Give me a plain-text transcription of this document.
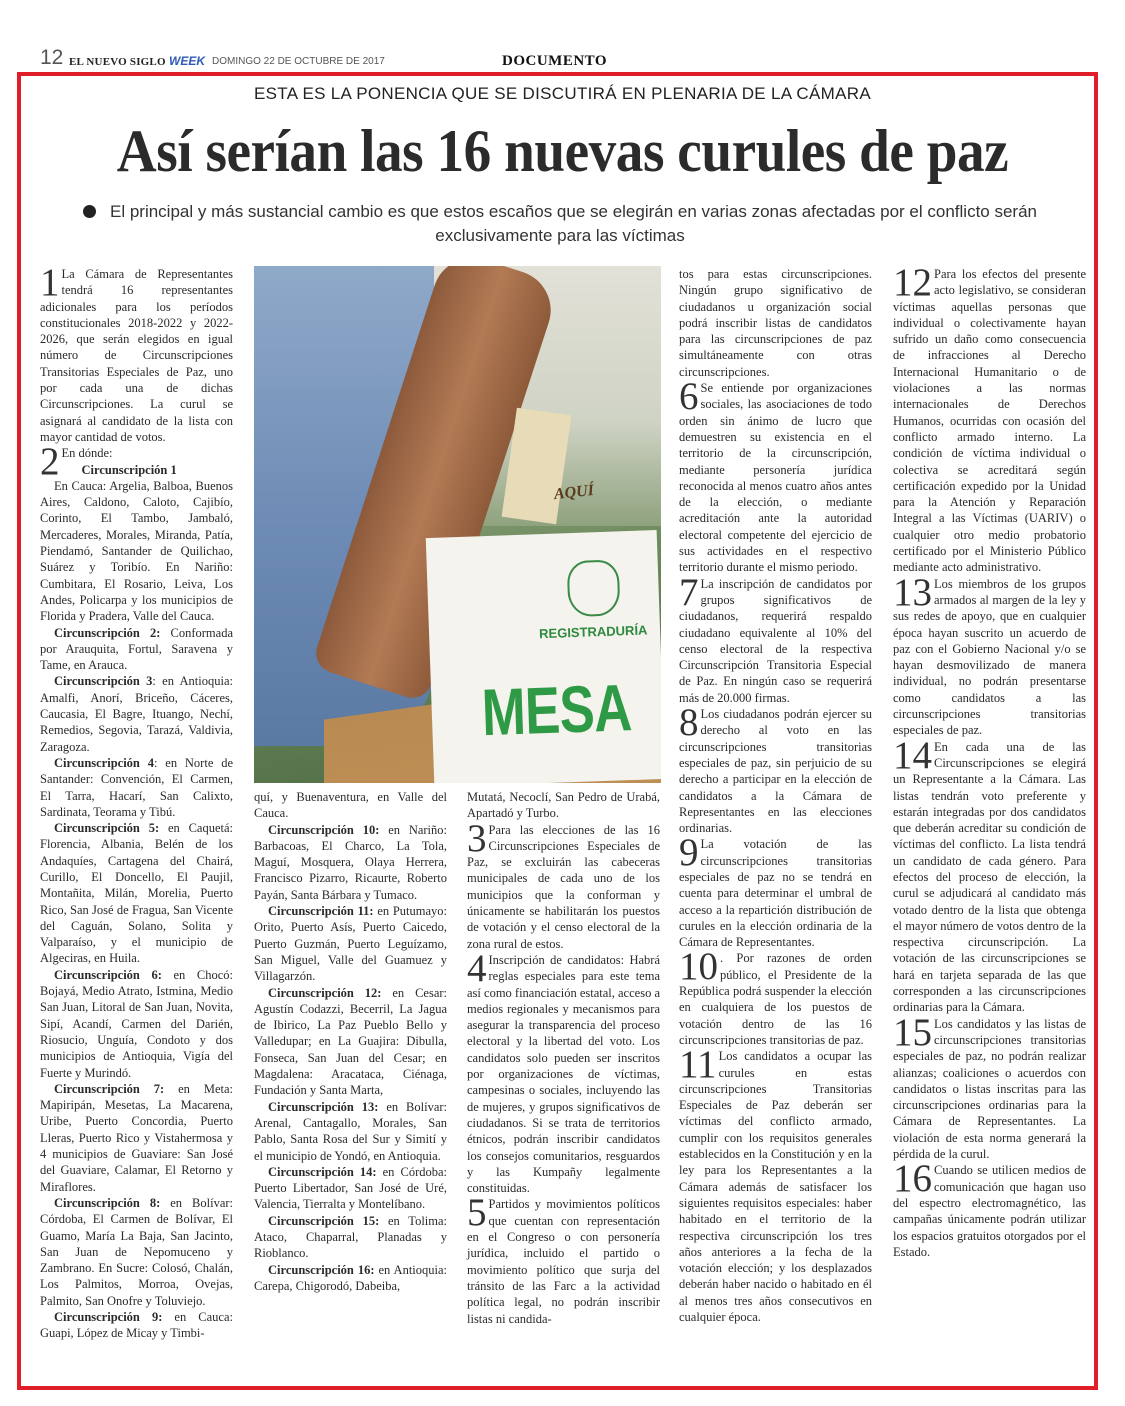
12 EL NUEVO SIGLO WEEK DOMINGO 22 DE OCTUBRE DE 2017	DOCUMENTO
ESTA ES LA PONENCIA QUE SE DISCUTIRÁ EN PLENARIA DE LA CÁMARA
Así serían las 16 nuevas curules de paz
El principal y más sustancial cambio es que estos escaños que se elegirán en varias zonas afectadas por el conflicto serán exclusivamente para las víctimas
AQUÍ
REGISTRADURÍA
MESA

1 La Cámara de Representantes tendrá 16 representantes adicionales para los períodos constitucionales 2018-2022 y 2022-2026, que serán elegidos en igual número de Circunscripciones Transitorias Especiales de Paz, uno por cada una de dichas Circunscripciones. La curul se asignará al candidato de la lista con mayor cantidad de votos.

2 En dónde:
Circunscripción 1

En Cauca: Argelia, Balboa, Buenos Aires, Caldono, Caloto, Cajibío, Corinto, El Tambo, Jambaló, Mercaderes, Morales, Miranda, Patía, Piendamó, Santander de Quilichao, Suárez y Toribío. En Nariño: Cumbitara, El Rosario, Leiva, Los Andes, Policarpa y los municipios de Florida y Pradera, Valle del Cauca.

Circunscripción 2: Conformada por Arauquita, Fortul, Saravena y Tame, en Arauca.

Circunscripción 3: en Antioquia: Amalfi, Anorí, Briceño, Cáceres, Caucasia, El Bagre, Ituango, Nechí, Remedios, Segovia, Tarazá, Valdivia, Zaragoza.

Circunscripción 4: en Norte de Santander: Convención, El Carmen, El Tarra, Hacarí, San Calixto, Sardinata, Teorama y Tibú.

Circunscripción 5: en Caquetá: Florencia, Albania, Belén de los Andaquíes, Cartagena del Chairá, Curillo, El Doncello, El Paujil, Montañita, Milán, Morelia, Puerto Rico, San José de Fragua, San Vicente del Caguán, Solano, Solita y Valparaíso, y el municipio de Algeciras, en Huila.

Circunscripción 6: en Chocó: Bojayá, Medio Atrato, Istmina, Medio San Juan, Litoral de San Juan, Novita, Sipí, Acandí, Carmen del Darién, Riosucio, Unguía, Condoto y dos municipios de Antioquia, Vigía del Fuerte y Murindó.

Circunscripción 7: en Meta: Mapiripán, Mesetas, La Macarena, Uribe, Puerto Concordia, Puerto Lleras, Puerto Rico y Vistahermosa y 4 municipios de Guaviare: San José del Guaviare, Calamar, El Retorno y Miraflores.

Circunscripción 8: en Bolívar: Córdoba, El Carmen de Bolívar, El Guamo, María La Baja, San Jacinto, San Juan de Nepomuceno y Zambrano. En Sucre: Colosó, Chalán, Los Palmitos, Morroa, Ovejas, Palmito, San Onofre y Toluviejo.

Circunscripción 9: en Cauca: Guapi, López de Micay y Timbi-

quí, y Buenaventura, en Valle del Cauca.

Circunscripción 10: en Nariño: Barbacoas, El Charco, La Tola, Maguí, Mosquera, Olaya Herrera, Francisco Pizarro, Ricaurte, Roberto Payán, Santa Bárbara y Tumaco.

Circunscripción 11: en Putumayo: Orito, Puerto Asís, Puerto Caicedo, Puerto Guzmán, Puerto Leguízamo, San Miguel, Valle del Guamuez y Villagarzón.

Circunscripción 12: en Cesar: Agustín Codazzi, Becerril, La Jagua de Ibirico, La Paz Pueblo Bello y Valledupar; en La Guajira: Dibulla, Fonseca, San Juan del Cesar; en Magdalena: Aracataca, Ciénaga, Fundación y Santa Marta,

Circunscripción 13: en Bolívar: Arenal, Cantagallo, Morales, San Pablo, Santa Rosa del Sur y Simití y el municipio de Yondó, en Antioquia.

Circunscripción 14: en Córdoba: Puerto Libertador, San José de Uré, Valencia, Tierralta y Montelíbano.

Circunscripción 15: en Tolima: Ataco, Chaparral, Planadas y Rioblanco.

Circunscripción 16: en Antioquia: Carepa, Chigorodó, Dabeiba,

Mutatá, Necoclí, San Pedro de Urabá, Apartadó y Turbo.

3 Para las elecciones de las 16 Circunscripciones Especiales de Paz, se excluirán las cabeceras municipales de cada uno de los municipios que la conforman y únicamente se habilitarán los puestos de votación y el censo electoral de la zona rural de estos.

4 Inscripción de candidatos: Habrá reglas especiales para este tema así como financiación estatal, acceso a medios regionales y mecanismos para asegurar la transparencia del proceso electoral y la libertad del voto. Los candidatos solo pueden ser inscritos por organizaciones de víctimas, campesinas o sociales, incluyendo las de mujeres, y grupos significativos de ciudadanos. Si se trata de territorios étnicos, podrán inscribir candidatos los consejos comunitarios, resguardos y las Kumpañy legalmente constituidas.

5 Partidos y movimientos políticos que cuentan con representación en el Congreso o con personería jurídica, incluido el partido o movimiento político que surja del tránsito de las Farc a la actividad política legal, no podrán inscribir listas ni candida-

tos para estas circunscripciones. Ningún grupo significativo de ciudadanos u organización social podrá inscribir listas de candidatos para las circunscripciones de paz simultáneamente con otras circunscripciones.

6 Se entiende por organizaciones sociales, las asociaciones de todo orden sin ánimo de lucro que demuestren su existencia en el territorio de la circunscripción, mediante personería jurídica reconocida al menos cuatro años antes de la elección, o mediante acreditación ante la autoridad electoral competente del ejercicio de sus actividades en el respectivo territorio durante el mismo periodo.

7 La inscripción de candidatos por grupos significativos de ciudadanos, requerirá respaldo ciudadano equivalente al 10% del censo electoral de la respectiva Circunscripción Transitoria Especial de Paz. En ningún caso se requerirá más de 20.000 firmas.

8 Los ciudadanos podrán ejercer su derecho al voto en las circunscripciones transitorias especiales de paz, sin perjuicio de su derecho a participar en la elección de candidatos a la Cámara de Representantes en las elecciones ordinarias.

9 La votación de las circunscripciones transitorias especiales de paz no se tendrá en cuenta para determinar el umbral de acceso a la repartición distribución de curules en la elección ordinaria de la Cámara de Representantes.

10 . Por razones de orden público, el Presidente de la República podrá suspender la elección en cualquiera de los puestos de votación dentro de las 16 circunscripciones transitorias de paz.

11 Los candidatos a ocupar las curules en estas circunscripciones Transitorias Especiales de Paz deberán ser víctimas del conflicto armado, cumplir con los requisitos generales establecidos en la Constitución y en la ley para los Representantes a la Cámara además de satisfacer los siguientes requisitos especiales: haber habitado en el territorio de la respectiva circunscripción los tres años anteriores a la fecha de la votación elección; y los desplazados deberán haber nacido o habitado en él al menos tres años consecutivos en cualquier época.

12 Para los efectos del presente acto legislativo, se consideran víctimas aquellas personas que individual o colectivamente hayan sufrido un daño como consecuencia de infracciones al Derecho Internacional Humanitario o de violaciones a las normas internacionales de Derechos Humanos, ocurridas con ocasión del conflicto armado interno. La condición de víctima individual o colectiva se acreditará según certificación expedido por la Unidad para la Atención y Reparación Integral a las Víctimas (UARIV) o cualquier otro medio probatorio certificado por el Ministerio Público mediante acto administrativo.

13 Los miembros de los grupos armados al margen de la ley y sus redes de apoyo, que en cualquier época hayan suscrito un acuerdo de paz con el Gobierno Nacional y/o se hayan desmovilizado de manera individual, no podrán presentarse como candidatos a las circunscripciones transitorias especiales de paz.

14 En cada una de las Circunscripciones se elegirá un Representante a la Cámara. Las listas tendrán voto preferente y estarán integradas por dos candidatos que deberán acreditar su condición de víctimas del conflicto. La lista tendrá un candidato de cada género. Para efectos del proceso de elección, la curul se adjudicará al candidato más votado dentro de la lista que obtenga el mayor número de votos dentro de la respectiva circunscripción. La votación de las circunscripciones se hará en tarjeta separada de las que corresponden a las circunscripciones ordinarias para la Cámara.

15 Los candidatos y las listas de circunscripciones transitorias especiales de paz, no podrán realizar alianzas; coaliciones o acuerdos con candidatos o listas inscritas para las circunscripciones ordinarias para la Cámara de Representantes. La violación de esta norma generará la pérdida de la curul.

16 Cuando se utilicen medios de comunicación que hagan uso del espectro electromagnético, las campañas únicamente podrán utilizar los espacios gratuitos otorgados por el Estado.
